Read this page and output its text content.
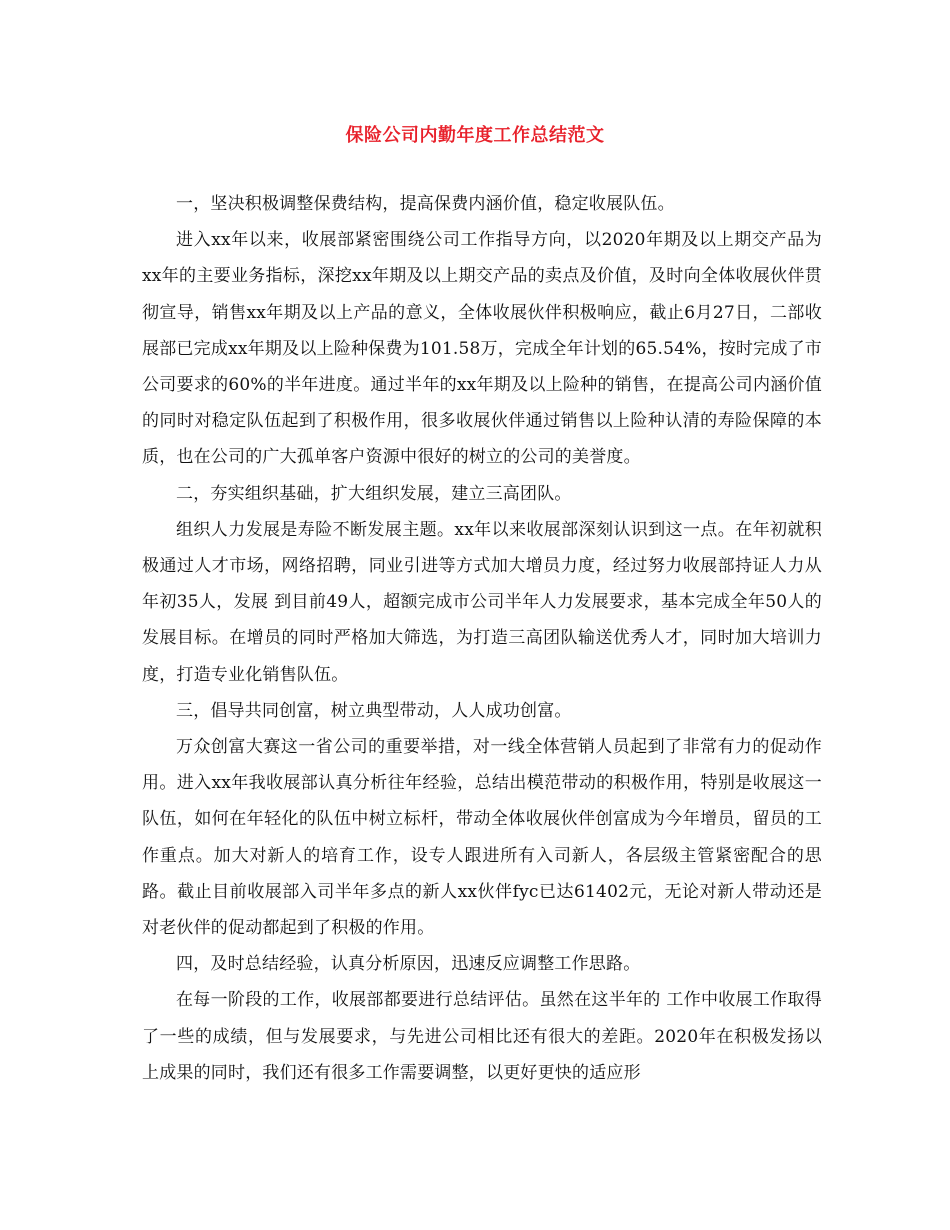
保险公司内勤年度工作总结范文

一，坚决积极调整保费结构，提高保费内涵价值，稳定收展队伍。

进入xx年以来，收展部紧密围绕公司工作指导方向，以2020年期及以上期交产品为xx年的主要业务指标，深挖xx年期及以上期交产品的卖点及价值，及时向全体收展伙伴贯彻宣导，销售xx年期及以上产品的意义，全体收展伙伴积极响应，截止6月27日，二部收展部已完成xx年期及以上险种保费为101.58万，完成全年计划的65.54%，按时完成了市公司要求的60%的半年进度。通过半年的xx年期及以上险种的销售，在提高公司内涵价值的同时对稳定队伍起到了积极作用，很多收展伙伴通过销售以上险种认清的寿险保障的本质，也在公司的广大孤单客户资源中很好的树立的公司的美誉度。

二，夯实组织基础，扩大组织发展，建立三高团队。

组织人力发展是寿险不断发展主题。xx年以来收展部深刻认识到这一点。在年初就积极通过人才市场，网络招聘，同业引进等方式加大增员力度，经过努力收展部持证人力从年初35人，发展 到目前49人，超额完成市公司半年人力发展要求，基本完成全年50人的发展目标。在增员的同时严格加大筛选，为打造三高团队输送优秀人才，同时加大培训力度，打造专业化销售队伍。

三，倡导共同创富，树立典型带动，人人成功创富。

万众创富大赛这一省公司的重要举措，对一线全体营销人员起到了非常有力的促动作用。进入xx年我收展部认真分析往年经验，总结出模范带动的积极作用，特别是收展这一队伍，如何在年轻化的队伍中树立标杆，带动全体收展伙伴创富成为今年增员，留员的工作重点。加大对新人的培育工作，设专人跟进所有入司新人，各层级主管紧密配合的思路。截止目前收展部入司半年多点的新人xx伙伴fyc已达61402元，无论对新人带动还是对老伙伴的促动都起到了积极的作用。

四，及时总结经验，认真分析原因，迅速反应调整工作思路。

在每一阶段的工作，收展部都要进行总结评估。虽然在这半年的 工作中收展工作取得了一些的成绩，但与发展要求，与先进公司相比还有很大的差距。2020年在积极发扬以上成果的同时，我们还有很多工作需要调整，以更好更快的适应形
